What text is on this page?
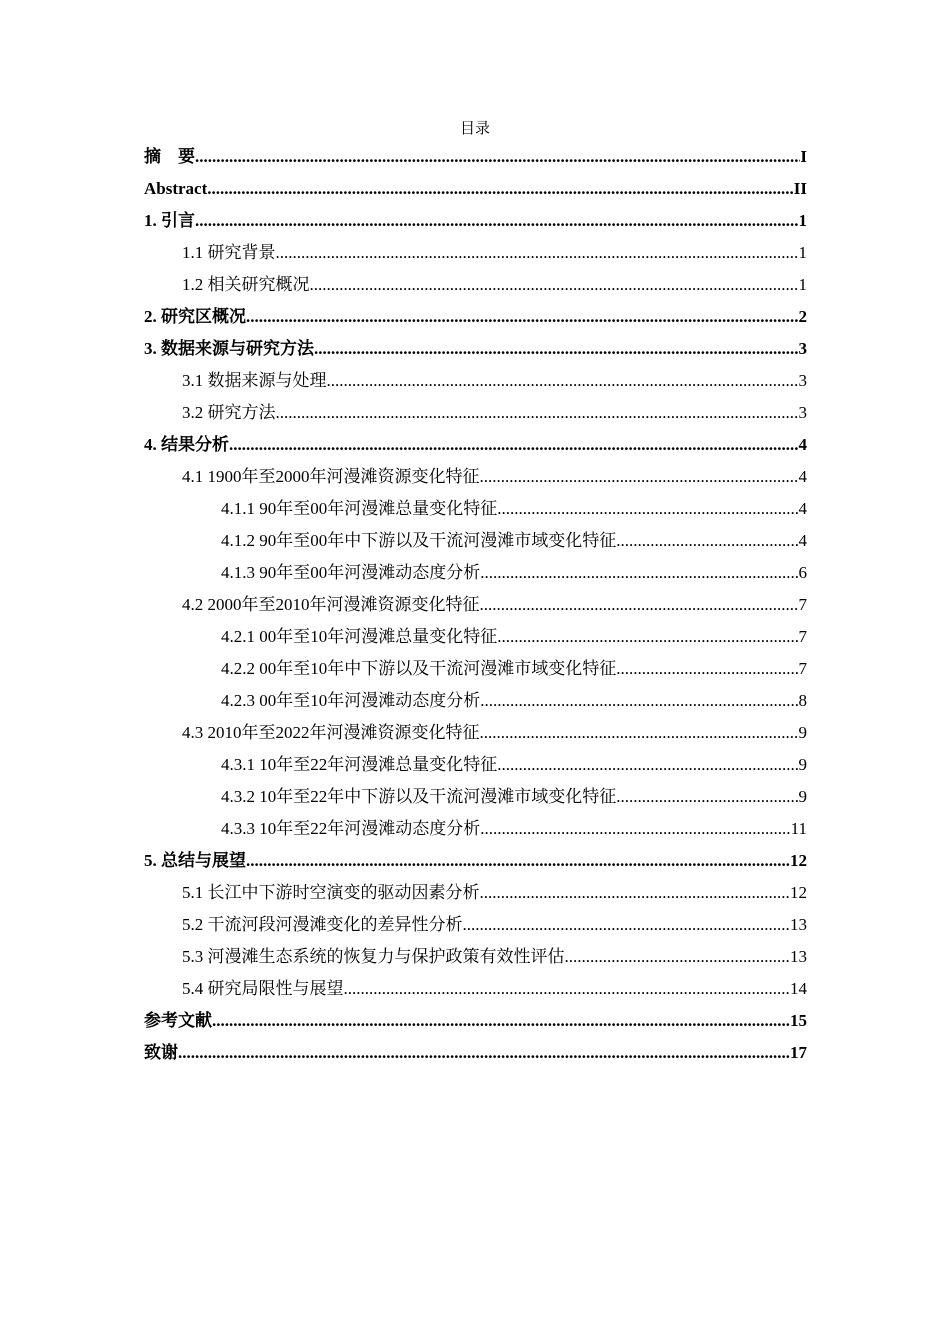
目录
摘　要 .....	I
Abstract .....	II
1. 引言 .....	1
1.1 研究背景 .....	1
1.2 相关研究概况 .....	1
2. 研究区概况 .....	2
3. 数据来源与研究方法 .....	3
3.1 数据来源与处理 .....	3
3.2 研究方法 .....	3
4. 结果分析 .....	4
4.1 1900年至2000年河漫滩资源变化特征 .....	4
4.1.1 90年至00年河漫滩总量变化特征 .....	4
4.1.2 90年至00年中下游以及干流河漫滩市域变化特征 .....	4
4.1.3 90年至00年河漫滩动态度分析 .....	6
4.2 2000年至2010年河漫滩资源变化特征 .....	7
4.2.1 00年至10年河漫滩总量变化特征 .....	7
4.2.2 00年至10年中下游以及干流河漫滩市域变化特征 .....	7
4.2.3 00年至10年河漫滩动态度分析 .....	8
4.3 2010年至2022年河漫滩资源变化特征 .....	9
4.3.1 10年至22年河漫滩总量变化特征 .....	9
4.3.2 10年至22年中下游以及干流河漫滩市域变化特征 .....	9
4.3.3 10年至22年河漫滩动态度分析 .....	11
5. 总结与展望 .....	12
5.1 长江中下游时空演变的驱动因素分析 .....	12
5.2 干流河段河漫滩变化的差异性分析 .....	13
5.3 河漫滩生态系统的恢复力与保护政策有效性评估 .....	13
5.4 研究局限性与展望 .....	14
参考文献 .....	15
致谢 .....	17
